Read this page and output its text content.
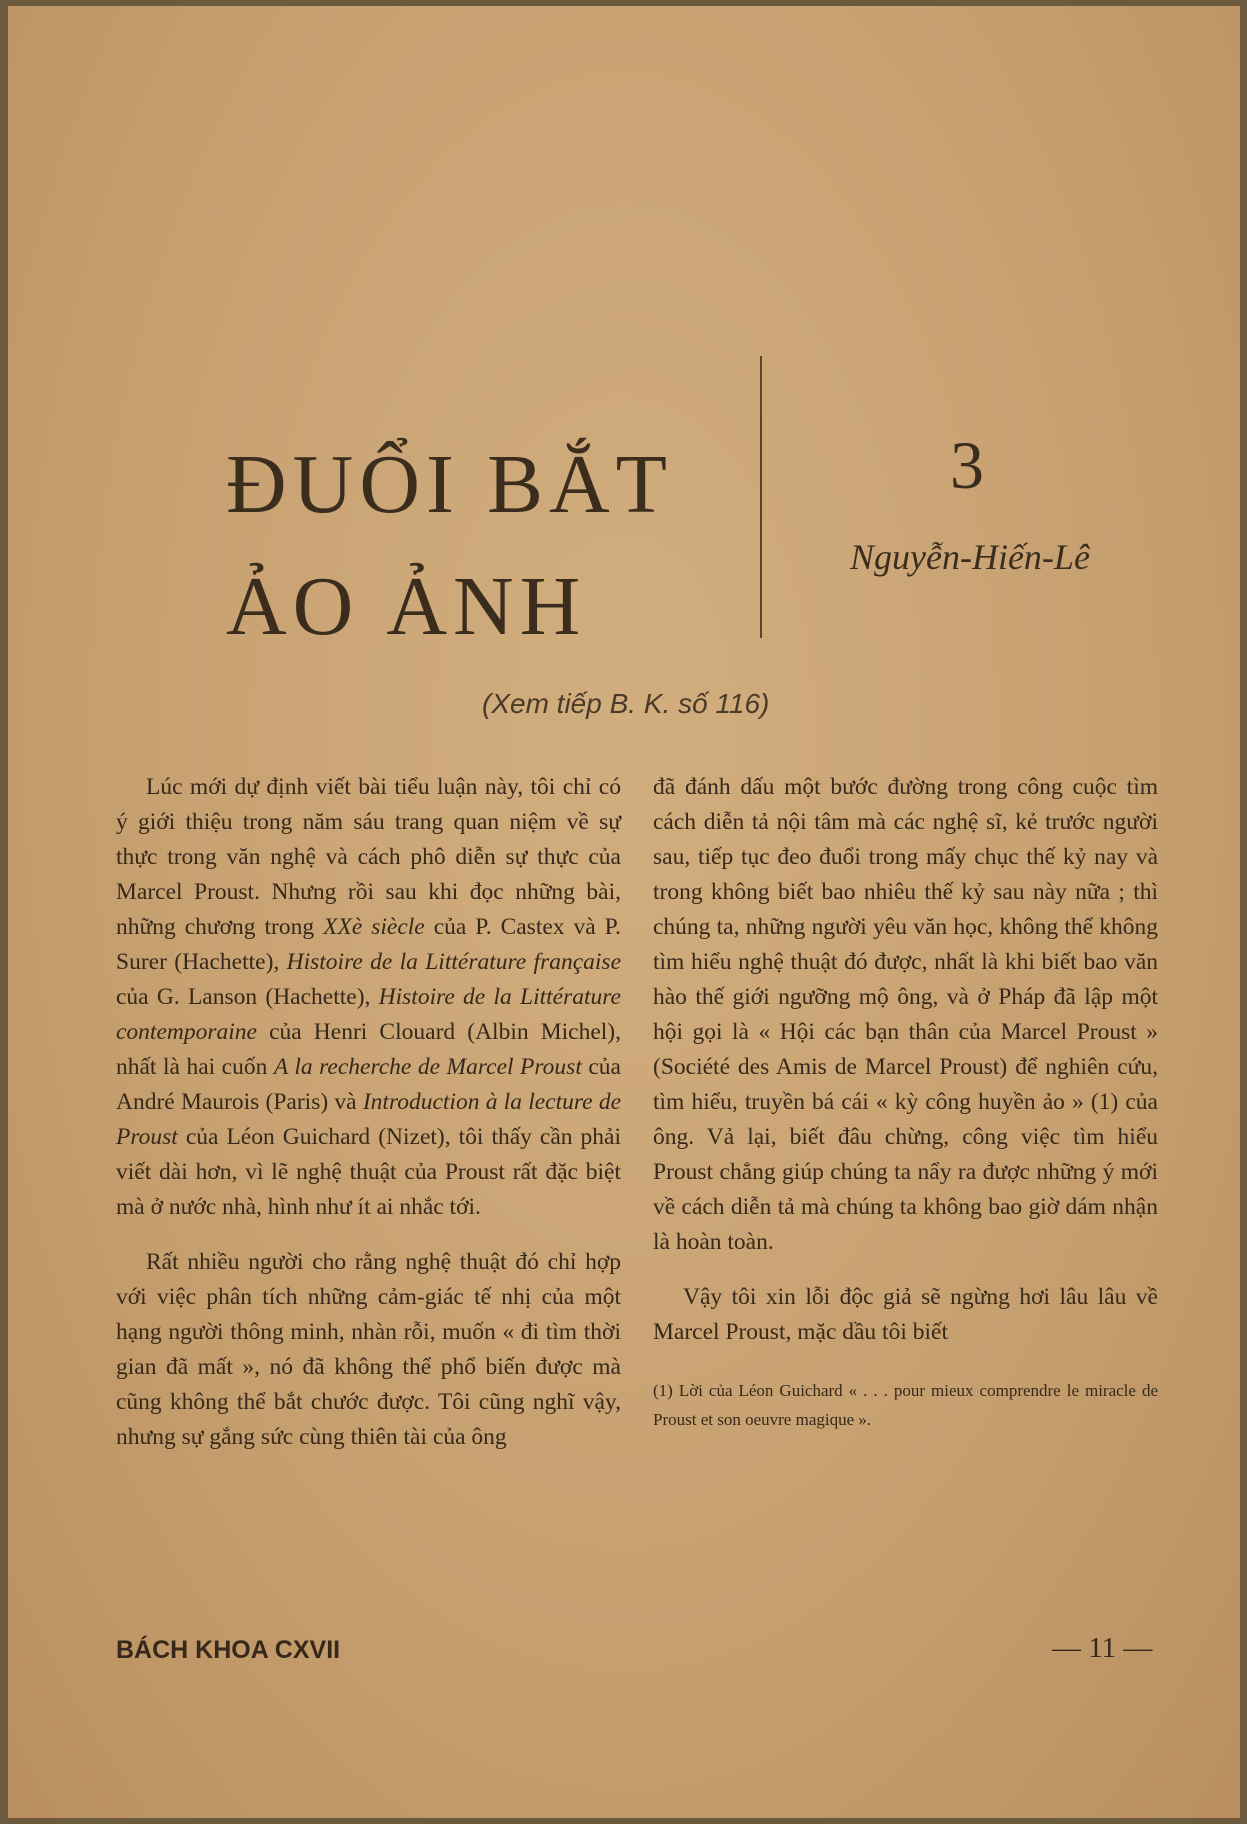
ĐUỔI BẮT
ẢO ẢNH
3
Nguyễn-Hiến-Lê
(Xem tiếp B. K. số 116)

Lúc mới dự định viết bài tiểu luận này, tôi chỉ có ý giới thiệu trong năm sáu trang quan niệm về sự thực trong văn nghệ và cách phô diễn sự thực của Marcel Proust. Nhưng rồi sau khi đọc những bài, những chương trong XXè siècle của P. Castex và P. Surer (Hachette), Histoire de la Littérature française của G. Lanson (Hachette), Histoire de la Littérature contemporaine của Henri Clouard (Albin Michel), nhất là hai cuốn A la recherche de Marcel Proust của André Maurois (Paris) và Introduction à la lecture de Proust của Léon Guichard (Nizet), tôi thấy cần phải viết dài hơn, vì lẽ nghệ thuật của Proust rất đặc biệt mà ở nước nhà, hình như ít ai nhắc tới.

Rất nhiều người cho rằng nghệ thuật đó chỉ hợp với việc phân tích những cảm-giác tế nhị của một hạng người thông minh, nhàn rỗi, muốn « đi tìm thời gian đã mất », nó đã không thể phổ biến được mà cũng không thể bắt chước được. Tôi cũng nghĩ vậy, nhưng sự gắng sức cùng thiên tài của ông

đã đánh dấu một bước đường trong công cuộc tìm cách diễn tả nội tâm mà các nghệ sĩ, kẻ trước người sau, tiếp tục đeo đuổi trong mấy chục thế kỷ nay và trong không biết bao nhiêu thế kỷ sau này nữa ; thì chúng ta, những người yêu văn học, không thể không tìm hiểu nghệ thuật đó được, nhất là khi biết bao văn hào thế giới ngưỡng mộ ông, và ở Pháp đã lập một hội gọi là « Hội các bạn thân của Marcel Proust » (Société des Amis de Marcel Proust) để nghiên cứu, tìm hiểu, truyền bá cái « kỳ công huyền ảo » (1) của ông. Vả lại, biết đâu chừng, công việc tìm hiểu Proust chẳng giúp chúng ta nẩy ra được những ý mới về cách diễn tả mà chúng ta không bao giờ dám nhận là hoàn toàn.

Vậy tôi xin lỗi độc giả sẽ ngừng hơi lâu lâu về Marcel Proust, mặc dầu tôi biết

(1) Lời của Léon Guichard « . . . pour mieux comprendre le miracle de Proust et son oeuvre magique ».
BÁCH KHOA CXVII	— 11 —
